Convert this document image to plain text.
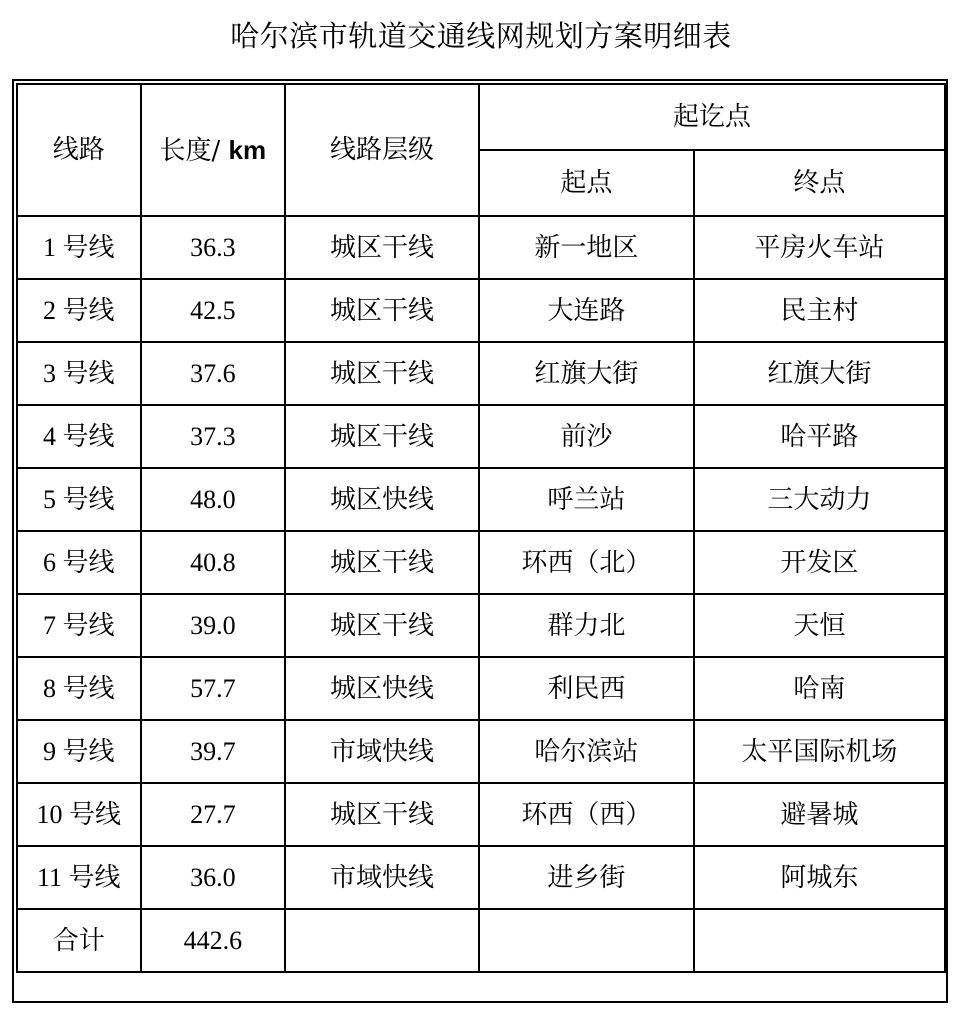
哈尔滨市轨道交通线网规划方案明细表
线路	长度/ km	线路层级	起讫点	
			起点	终点
1 号线	36.3	城区干线	新一地区	平房火车站
2 号线	42.5	城区干线	大连路	民主村
3 号线	37.6	城区干线	红旗大街	红旗大街
4 号线	37.3	城区干线	前沙	哈平路
5 号线	48.0	城区快线	呼兰站	三大动力
6 号线	40.8	城区干线	环西（北）	开发区
7 号线	39.0	城区干线	群力北	天恒
8 号线	57.7	城区快线	利民西	哈南
9 号线	39.7	市域快线	哈尔滨站	太平国际机场
10 号线	27.7	城区干线	环西（西）	避暑城
11 号线	36.0	市域快线	进乡街	阿城东
合计	442.6			
